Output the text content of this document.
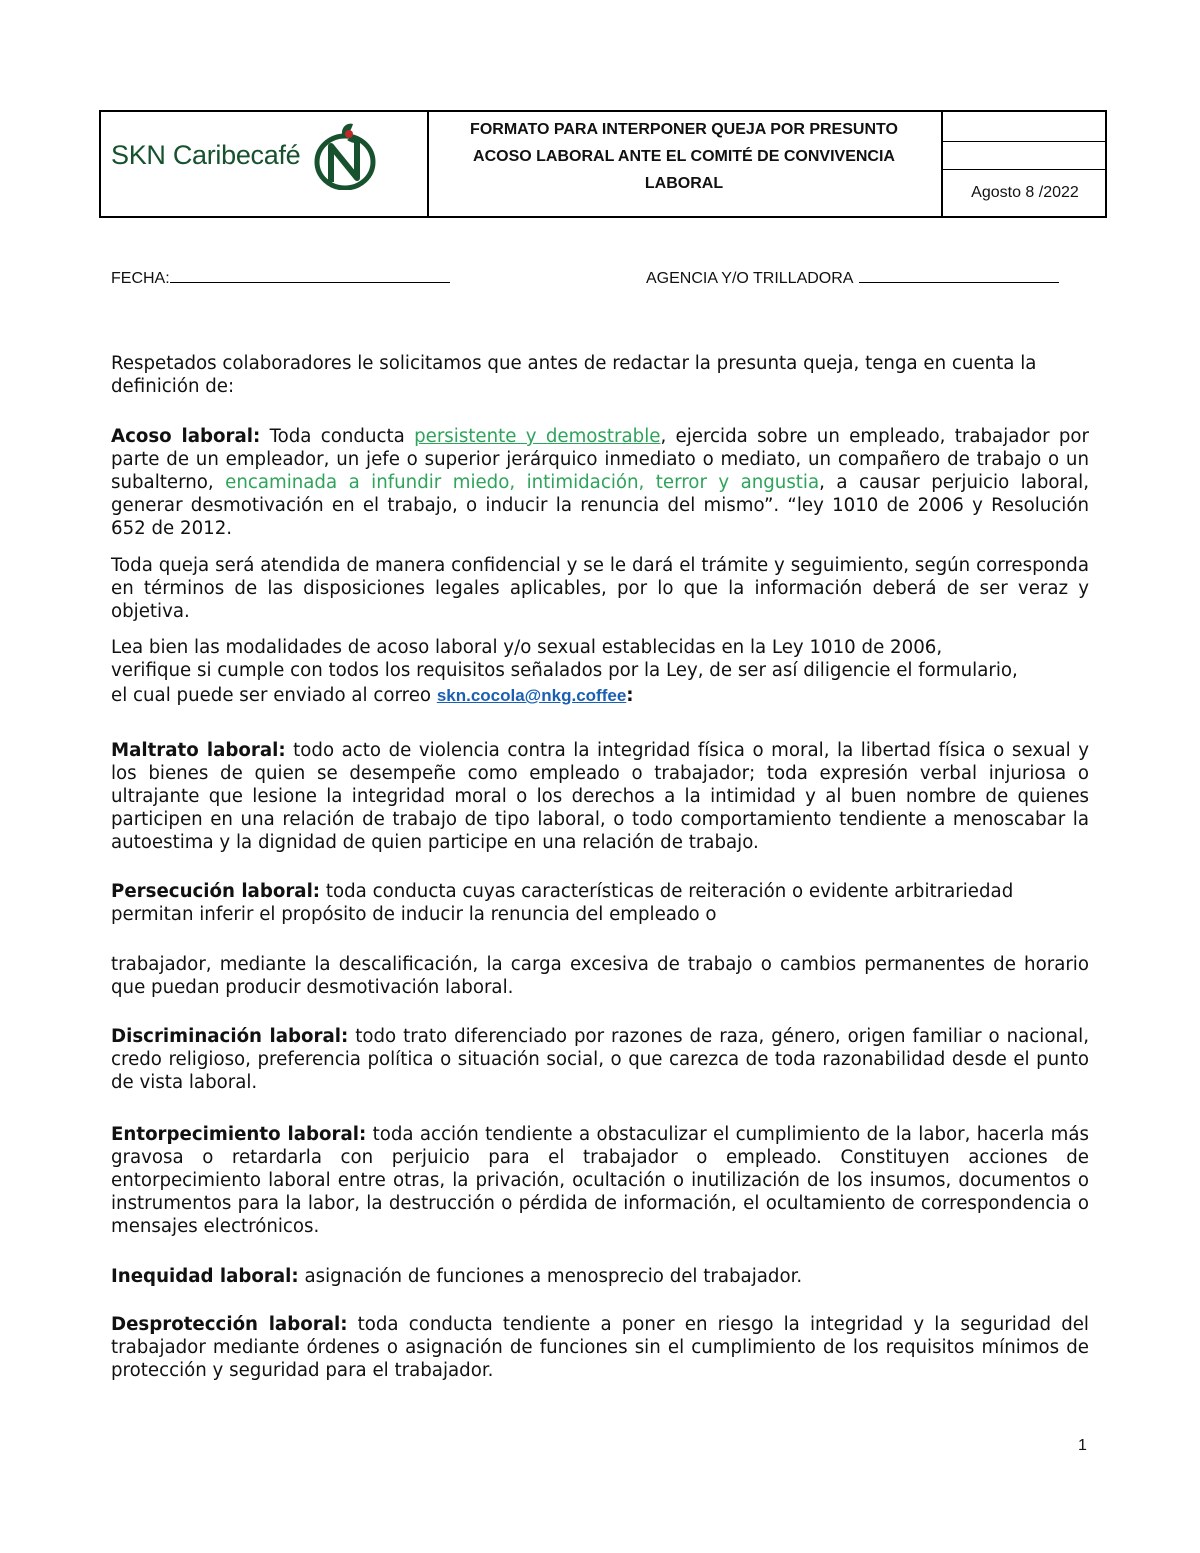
SKN Caribecafé
FORMATO PARA INTERPONER QUEJA POR PRESUNTO
ACOSO LABORAL ANTE EL COMITÉ DE CONVIVENCIA
LABORAL
Agosto 8 /2022
FECHA:	AGENCIA Y/O TRILLADORA
Respetados colaboradores le solicitamos que antes de redactar la presunta queja, tenga en cuenta la definición de:
Acoso laboral: Toda conducta persistente y demostrable, ejercida sobre un empleado, trabajador por parte de un empleador, un jefe o superior jerárquico inmediato o mediato, un compañero de trabajo o un subalterno, encaminada a infundir miedo, intimidación, terror y angustia, a causar perjuicio laboral, generar desmotivación en el trabajo, o inducir la renuncia del mismo”. “ley 1010 de 2006 y Resolución 652 de 2012.
Toda queja será atendida de manera confidencial y se le dará el trámite y seguimiento, según corresponda en términos de las disposiciones legales aplicables, por lo que la información deberá de ser veraz y objetiva.
Lea bien las modalidades de acoso laboral y/o sexual establecidas en la Ley 1010 de 2006,
verifique si cumple con todos los requisitos señalados por la Ley, de ser así diligencie el formulario,
el cual puede ser enviado al correo skn.cocola@nkg.coffee:
Maltrato laboral: todo acto de violencia contra la integridad física o moral, la libertad física o sexual y los bienes de quien se desempeñe como empleado o trabajador; toda expresión verbal injuriosa o ultrajante que lesione la integridad moral o los derechos a la intimidad y al buen nombre de quienes participen en una relación de trabajo de tipo laboral, o todo comportamiento tendiente a menoscabar la autoestima y la dignidad de quien participe en una relación de trabajo.
Persecución laboral: toda conducta cuyas características de reiteración o evidente arbitrariedad permitan inferir el propósito de inducir la renuncia del empleado o
trabajador, mediante la descalificación, la carga excesiva de trabajo o cambios permanentes de horario que puedan producir desmotivación laboral.
Discriminación laboral: todo trato diferenciado por razones de raza, género, origen familiar o nacional, credo religioso, preferencia política o situación social, o que carezca de toda razonabilidad desde el punto de vista laboral.
Entorpecimiento laboral: toda acción tendiente a obstaculizar el cumplimiento de la labor, hacerla más gravosa o retardarla con perjuicio para el trabajador o empleado. Constituyen acciones de entorpecimiento laboral entre otras, la privación, ocultación o inutilización de los insumos, documentos o instrumentos para la labor, la destrucción o pérdida de información, el ocultamiento de correspondencia o mensajes electrónicos.
Inequidad laboral: asignación de funciones a menosprecio del trabajador.
Desprotección laboral: toda conducta tendiente a poner en riesgo la integridad y la seguridad del trabajador mediante órdenes o asignación de funciones sin el cumplimiento de los requisitos mínimos de protección y seguridad para el trabajador.
1
